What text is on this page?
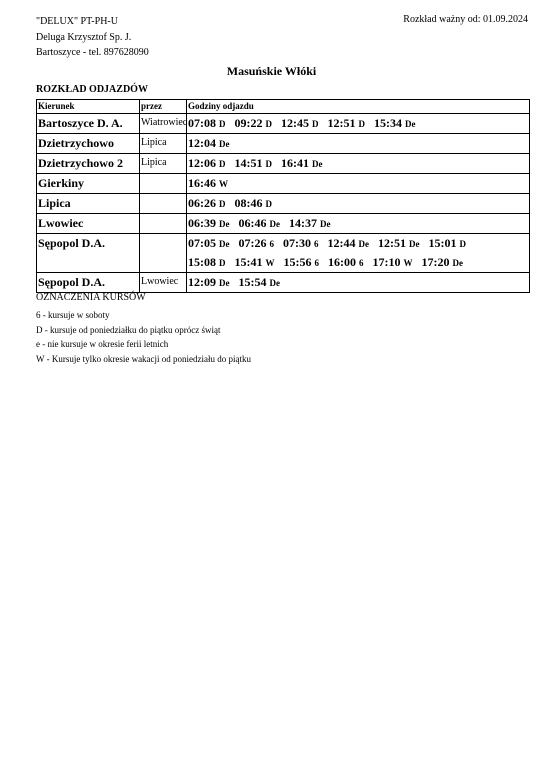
"DELUX" PT-PH-U
Deluga Krzysztof Sp. J.
Bartoszyce - tel. 897628090
Rozkład ważny od: 01.09.2024
Masuńskie Włóki
ROZKŁAD ODJAZDÓW
Kierunek	przez	Godziny odjazdu
Bartoszyce D. A.	Wiatrowiec	07:08 D 09:22 D 12:45 D 12:51 D 15:34 De

Dzietrzychowo	Lipica	12:04 De

Dzietrzychowo 2	Lipica	12:06 D 14:51 D 16:41 De

Gierkiny		16:46 W

Lipica		06:26 D 08:46 D

Lwowiec		06:39 De 06:46 De 14:37 De

Sępopol D.A.		07:05 De 07:26 6 07:30 6 12:44 De 12:51 De 15:01 D
15:08 D 15:41 W 15:56 6 16:00 6 17:10 W 17:20 De

Sępopol D.A.	Lwowiec	12:09 De 15:54 De
OZNACZENIA KURSÓW
6 - kursuje w soboty
D - kursuje od poniedziałku do piątku oprócz świąt
e - nie kursuje w okresie ferii letnich
W - Kursuje tylko okresie wakacji od poniedziału do piątku
